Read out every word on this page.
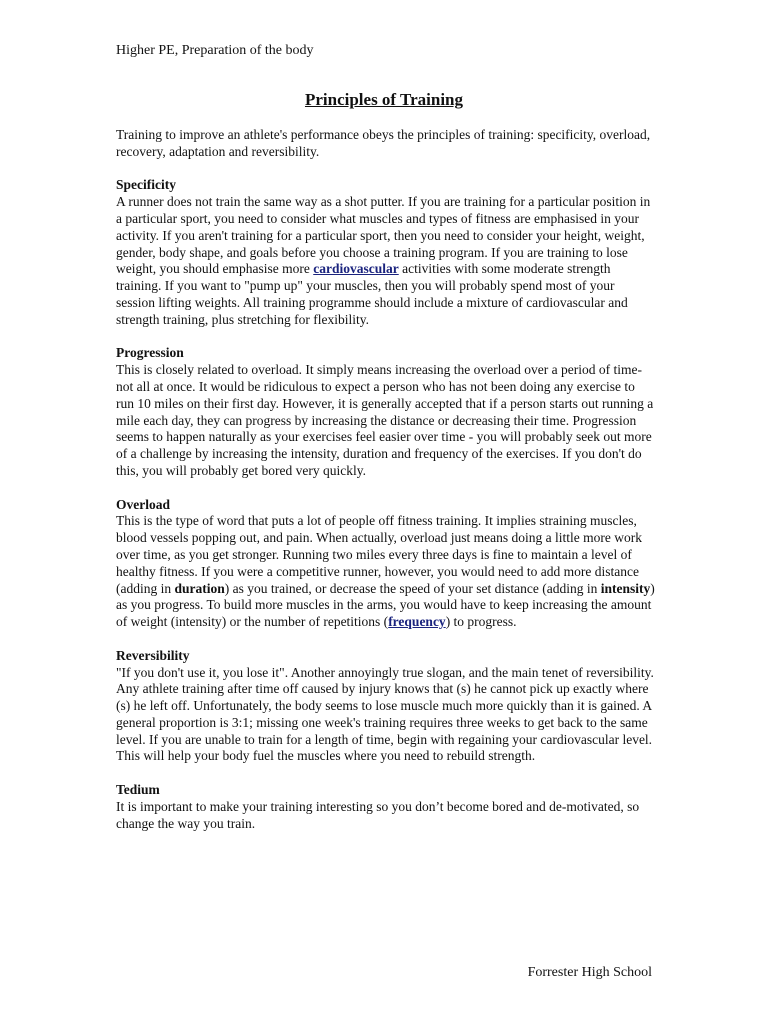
Higher PE, Preparation of the body
Principles of Training

Training to improve an athlete's performance obeys the principles of training: specificity, overload, recovery, adaptation and reversibility.

Specificity
A runner does not train the same way as a shot putter. If you are training for a particular position in a particular sport, you need to consider what muscles and types of fitness are emphasised in your activity. If you aren't training for a particular sport, then you need to consider your height, weight, gender, body shape, and goals before you choose a training program. If you are training to lose weight, you should emphasise more cardiovascular activities with some moderate strength training. If you want to "pump up" your muscles, then you will probably spend most of your session lifting weights. All training programme should include a mixture of cardiovascular and strength training, plus stretching for flexibility.

Progression
This is closely related to overload. It simply means increasing the overload over a period of time-not all at once. It would be ridiculous to expect a person who has not been doing any exercise to run 10 miles on their first day. However, it is generally accepted that if a person starts out running a mile each day, they can progress by increasing the distance or decreasing their time. Progression seems to happen naturally as your exercises feel easier over time - you will probably seek out more of a challenge by increasing the intensity, duration and frequency of the exercises. If you don't do this, you will probably get bored very quickly.

Overload
This is the type of word that puts a lot of people off fitness training. It implies straining muscles, blood vessels popping out, and pain. When actually, overload just means doing a little more work over time, as you get stronger. Running two miles every three days is fine to maintain a level of healthy fitness. If you were a competitive runner, however, you would need to add more distance (adding in duration) as you trained, or decrease the speed of your set distance (adding in intensity) as you progress. To build more muscles in the arms, you would have to keep increasing the amount of weight (intensity) or the number of repetitions (frequency) to progress.

Reversibility
"If you don't use it, you lose it". Another annoyingly true slogan, and the main tenet of reversibility. Any athlete training after time off caused by injury knows that (s) he cannot pick up exactly where (s) he left off. Unfortunately, the body seems to lose muscle much more quickly than it is gained. A general proportion is 3:1; missing one week's training requires three weeks to get back to the same level. If you are unable to train for a length of time, begin with regaining your cardiovascular level. This will help your body fuel the muscles where you need to rebuild strength.

Tedium
It is important to make your training interesting so you don’t become bored and de-motivated, so change the way you train.

Forrester High School
